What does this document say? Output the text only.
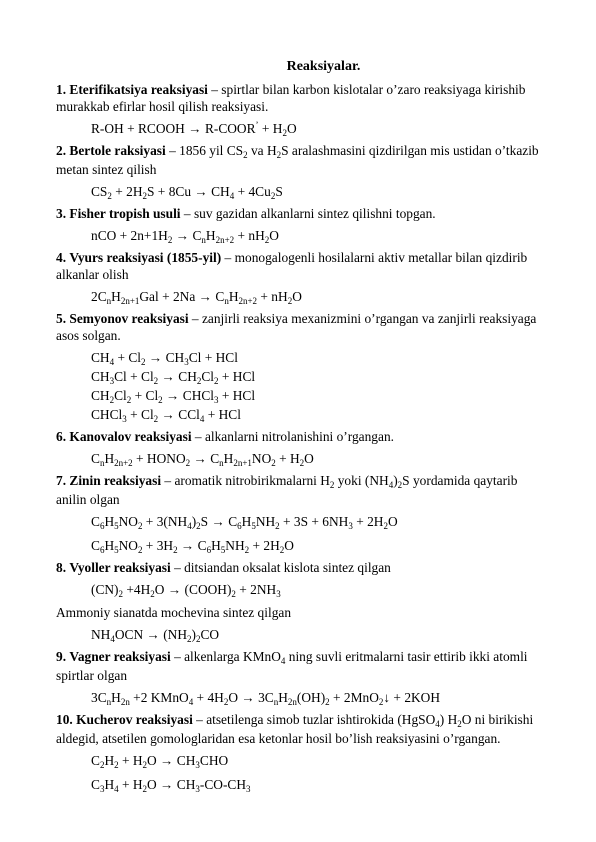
Reaksiyalar.
1. Eterifikatsiya reaksiyasi – spirtlar bilan karbon kislotalar o’zaro reaksiyaga kirishib murakkab efirlar hosil qilish reaksiyasi.
R-OH + RCOOH → R-COOR’ + $H_2O$
2. Bertole raksiyasi – 1856 yil $CS_2$ va $H_2S$ aralashmasini qizdirilgan mis ustidan o’tkazib metan sintez qilish
$CS_2 + 2H_2S + 8Cu \to CH_4 + 4Cu_2S$
3. Fisher tropish usuli – suv gazidan alkanlarni sintez qilishni topgan.
nCO + $2n+1H_2 \to C_nH_{2n+2} + nH_2O$
4. Vyurs reaksiyasi (1855-yil) – monogalogenli hosilalarni aktiv metallar bilan qizdirib alkanlar olish
$2C_nH_{2n+1}Gal + 2Na \to C_nH_{2n+2} + nH_2O$
5. Semyonov reaksiyasi – zanjirli reaksiya mexanizmini o’rgangan va zanjirli reaksiyaga asos solgan.
$CH_4 + Cl_2 \to CH_3Cl$ + HCl
$CH_3Cl + Cl_2 \to CH_2Cl_2$ + HCl
$CH_2Cl_2 + Cl_2$ → CHCl$_3$ + HCl
CHCl$_3$ + $Cl_2 \to CCl_4$ + HCl
6. Kanovalov reaksiyasi – alkanlarni nitrolanishini o’rgangan.
$C_nH_{2n+2}$ + $HONO_2 \to C_nH_{2n+1}NO_2 + H_2O$
7. Zinin reaksiyasi – aromatik nitrobirikmalarni $H_2$ yoki $(NH_4)_2S$ yordamida qaytarib anilin olgan
$C_6H_5NO_2 + 3(NH_4)_2S \to C_6H_5NH_2 + 3S + 6NH_3 + 2H_2O$
$C_6H_5NO_2 + 3H_2 \to C_6H_5NH_2 + 2H_2O$
8. Vyoller reaksiyasi – ditsiandan oksalat kislota sintez qilgan
$(CN)_2 +4H_2O$ → $(COOH)_2 + 2NH_3$
Ammoniy sianatda mochevina sintez qilgan
$NH_4OCN \to (NH_2)_2CO$
9. Vagner reaksiyasi – alkenlarga KMnO$_4$ ning suvli eritmalarni tasir ettirib ikki atomli spirtlar olgan
$3C_nH_{2n} +2$ KMnO$_4$ + $4H_2O \to 3C_nH_{2n}(OH)_2$ + 2MnO$_2$↓ + 2KOH
10. Kucherov reaksiyasi – atsetilenga simob tuzlar ishtirokida (HgSO$_4$) $H_2O$ ni birikishi aldegid, atsetilen gomologlaridan esa ketonlar hosil bo’lish reaksiyasini o’rgangan.
$C_2H_2 + H_2O \to CH_3CHO$
$C_3H_4 + H_2O \to CH_3-CO-CH_3$
